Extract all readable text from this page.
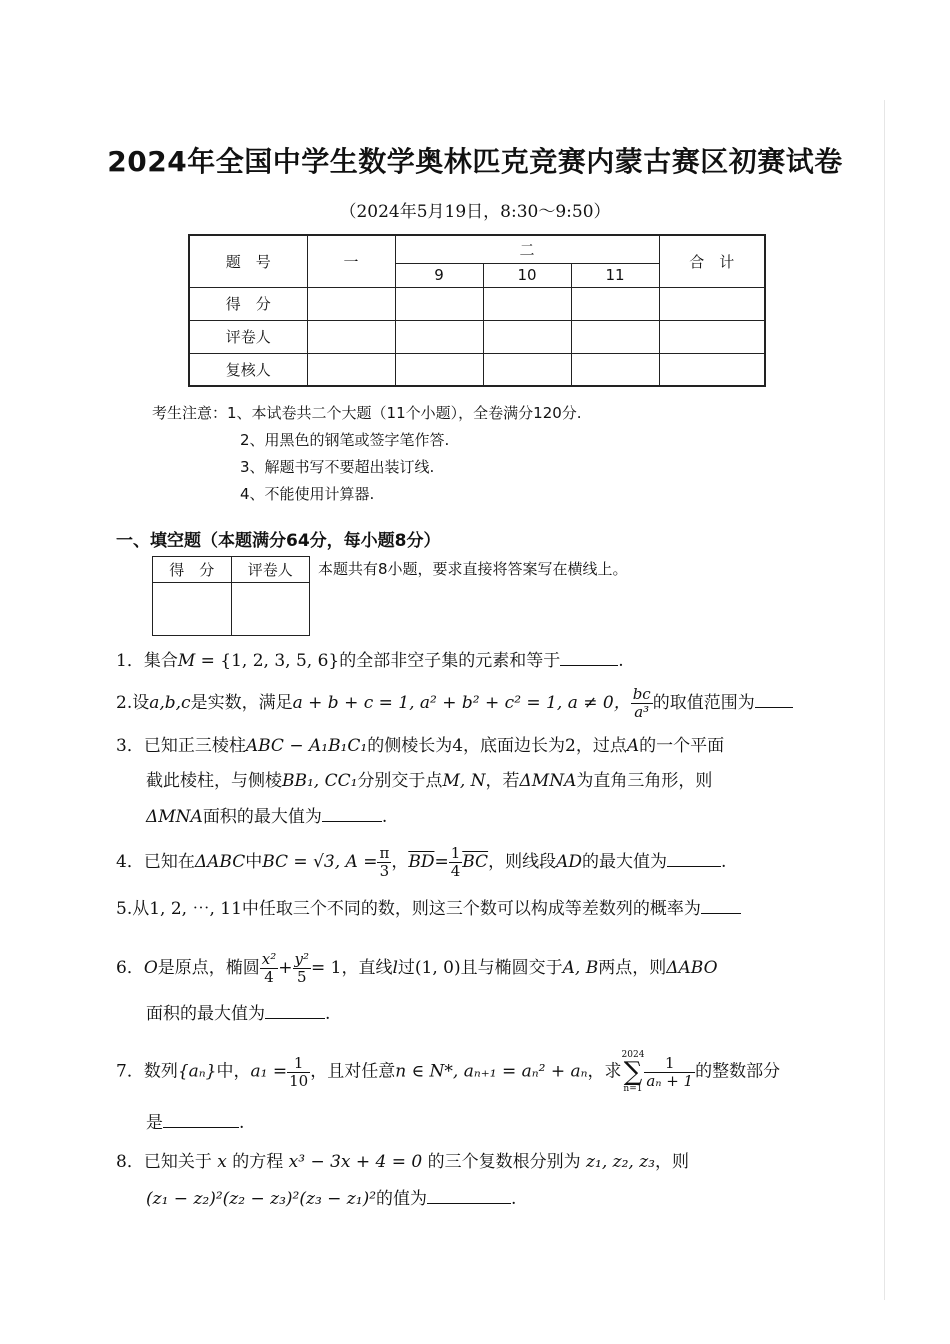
2024年全国中学生数学奥林匹克竞赛内蒙古赛区初赛试卷
（2024年5月19日，8:30～9:50）
题　号	一	二			合　计
		9	10	11	
得　分					
评卷人					
复核人					
考生注意：1、本试卷共二个大题（11个小题），全卷满分120分.
2、用黑色的钢笔或签字笔作答.
3、解题书写不要超出装订线.
4、不能使用计算器.
一、填空题（本题满分64分，每小题8分）
得　分	评卷人
	本题共有8小题，要求直接将答案写在横线上。
1．集合M = {1, 2, 3, 5, 6}的全部非空子集的元素和等于	.
2.设a,b,c是实数，满足a + b + c = 1, a² + b² + c² = 1, a ≠ 0， $\frac{bc}{\text{a³}}$ 的取值范围为
3．已知正三棱柱ABC − A₁B₁C₁的侧棱长为4，底面边长为2，过点A的一个平面
截此棱柱，与侧棱BB₁, CC₁分别交于点M, N，若ΔMNA为直角三角形，则
ΔMNA面积的最大值为	.
4．已知在ΔABC中BC = √3, $A = \frac{\pi}{3}$ ，$\overline{BD}= \frac{1}{4} \overline{BC}$，则线段AD的最大值为	.
5.从1, 2, ⋯, 11中任取三个不同的数，则这三个数可以构成等差数列的概率为
6．O是原点，椭圆 $\frac{\text{x²}}{4} + \frac{\text{y²}}{5} = 1$，直线l过(1, 0)且与椭圆交于A, B两点，则ΔABO
面积的最大值为	.
7．数列{aₙ}中，$a_1 = \frac{1}{10}$ ，且对任意n ∈ N*, aₙ₊₁ = aₙ² + aₙ，求2024
∑
$n=1 \frac{1}{\text{aₙ + 1}}$ 的整数部分
是	.
8．已知关于 x 的方程 x³ − 3x + 4 = 0 的三个复数根分别为 z₁, z₂, z₃，则
(z₁ − z₂)²(z₂ − z₃)²(z₃ − z₁)²的值为	.
